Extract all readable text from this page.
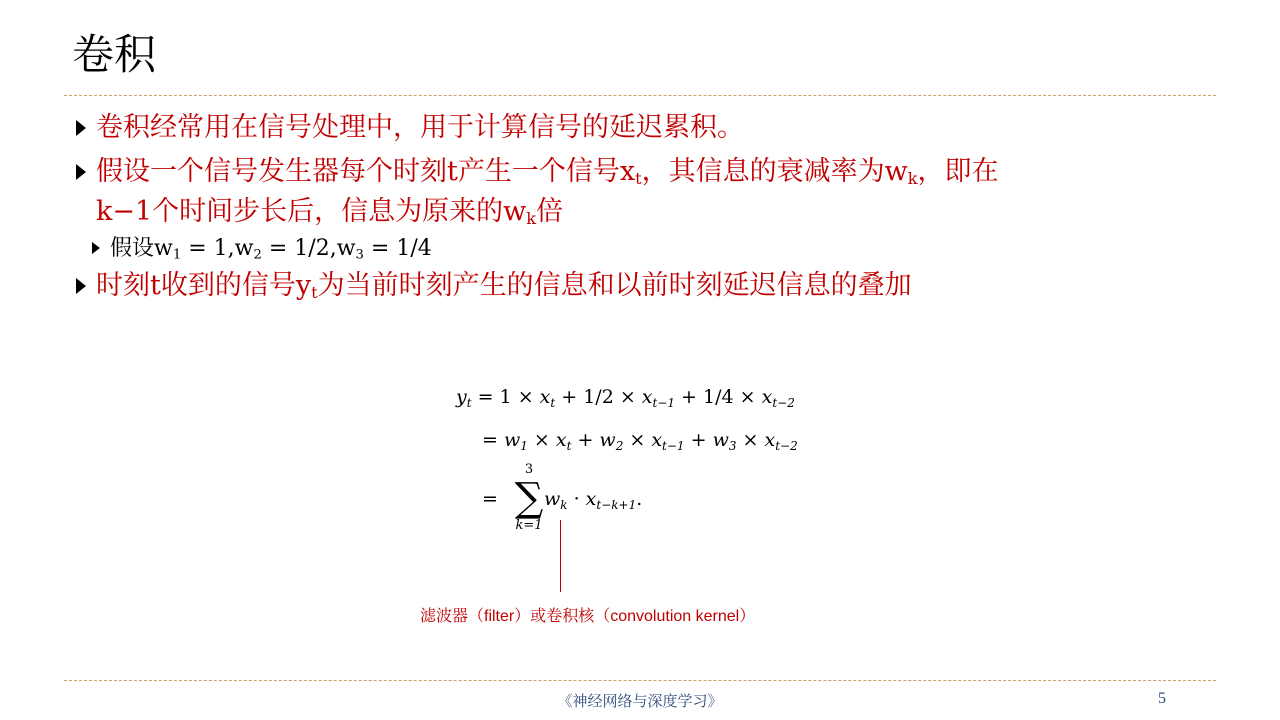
卷积
卷积经常用在信号处理中，用于计算信号的延迟累积。
假设一个信号发生器每个时刻t产生一个信号$x_t$，其信息的衰减率为$w_k$，即在
k−1个时间步长后，信息为原来的$w_k$倍
假设$w_1 = 1,w_2 = 1/2,w_3 = 1/4$
时刻t收到的信号$y_t$为当前时刻产生的信息和以前时刻延迟信息的叠加
$y_t = 1 \times x_t + 1/2 \times x_{t-1} + 1/4 \times x_{t-2}$
= $w_1 \times x_t + w_2 \times x_{t-1} + w_3 \times x_{t-2}$
=
3
∑
k=1
$w_k \cdot x_{t-k+1}$.
滤波器（filter）或卷积核（convolution kernel）
《神经网络与深度学习》	5
